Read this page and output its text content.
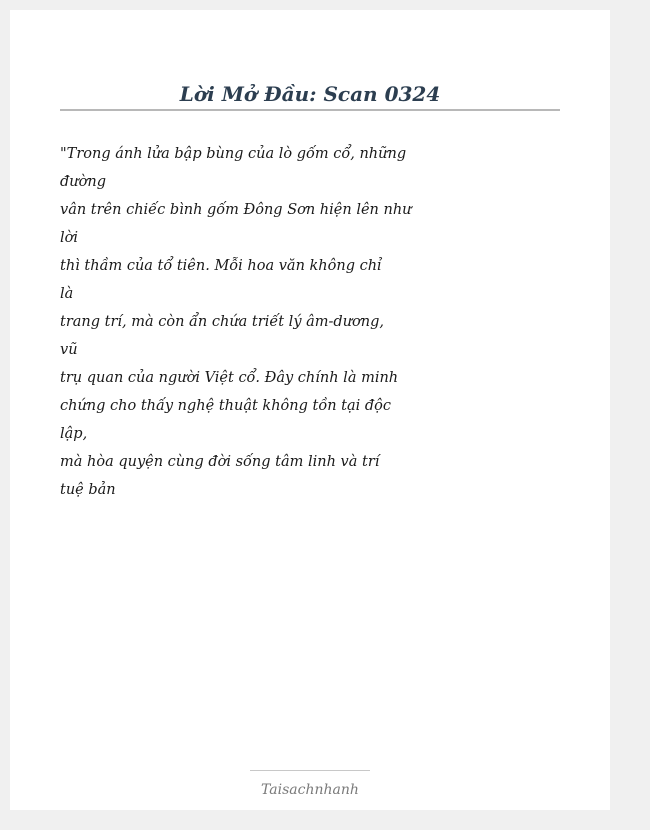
Lời Mở Đầu: Scan 0324
"Trong ánh lửa bập bùng của lò gốm cổ, những
đường
vân trên chiếc bình gốm Đông Sơn hiện lên như
lời
thì thầm của tổ tiên. Mỗi hoa văn không chỉ
là
trang trí, mà còn ẩn chứa triết lý âm-dương,
vũ
trụ quan của người Việt cổ. Đây chính là minh
chứng cho thấy nghệ thuật không tồn tại độc
lập,
mà hòa quyện cùng đời sống tâm linh và trí
tuệ bản
Taisachnhanh
